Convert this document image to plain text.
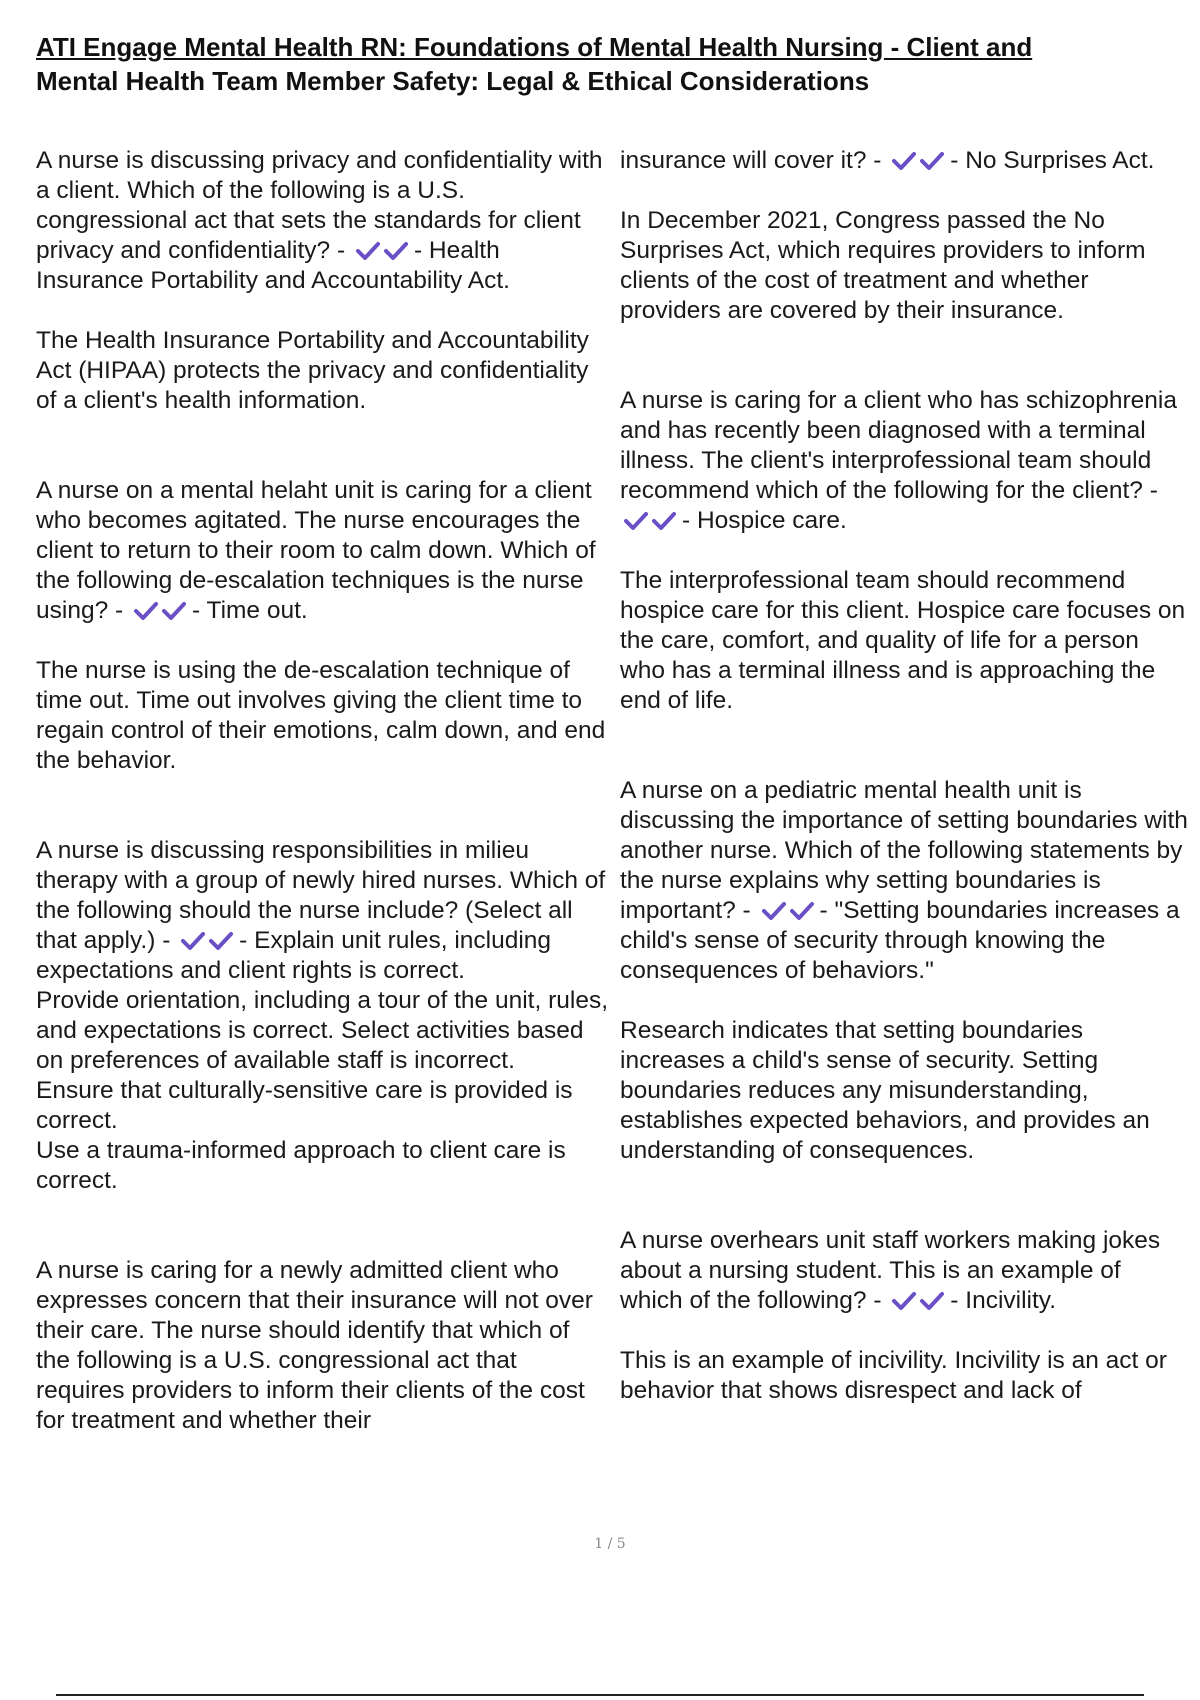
ATI Engage Mental Health RN: Foundations of Mental Health Nursing - Client and
Mental Health Team Member Safety: Legal & Ethical Considerations

A nurse is discussing privacy and confidentiality with a client. Which of the following is a U.S. congressional act that sets the standards for client privacy and confidentiality? -	- Health Insurance Portability and Accountability Act.

The Health Insurance Portability and Accountability Act (HIPAA) protects the privacy and confidentiality of a client's health information.

A nurse on a mental helaht unit is caring for a client who becomes agitated. The nurse encourages the client to return to their room to calm down. Which of the following de-escalation techniques is the nurse using? -	- Time out.

The nurse is using the de-escalation technique of time out. Time out involves giving the client time to regain control of their emotions, calm down, and end the behavior.

A nurse is discussing responsibilities in milieu therapy with a group of newly hired nurses. Which of the following should the nurse include? (Select all that apply.) -	- Explain unit rules, including expectations and client rights is correct.

Provide orientation, including a tour of the unit, rules, and expectations is correct. Select activities based on preferences of available staff is incorrect.

Ensure that culturally-sensitive care is provided is correct.

Use a trauma-informed approach to client care is correct.

A nurse is caring for a newly admitted client who expresses concern that their insurance will not over their care. The nurse should identify that which of the following is a U.S. congressional act that requires providers to inform their clients of the cost for treatment and whether their

insurance will cover it? -	- No Surprises Act.

In December 2021, Congress passed the No Surprises Act, which requires providers to inform clients of the cost of treatment and whether providers are covered by their insurance.

A nurse is caring for a client who has schizophrenia and has recently been diagnosed with a terminal illness. The client's interprofessional team should recommend which of the following for the client? -
- Hospice care.

The interprofessional team should recommend hospice care for this client. Hospice care focuses on the care, comfort, and quality of life for a person who has a terminal illness and is approaching the end of life.

A nurse on a pediatric mental health unit is discussing the importance of setting boundaries with another nurse. Which of the following statements by the nurse explains why setting boundaries is important? -	- "Setting boundaries increases a child's sense of security through knowing the consequences of behaviors."

Research indicates that setting boundaries increases a child's sense of security. Setting boundaries reduces any misunderstanding, establishes expected behaviors, and provides an understanding of consequences.

A nurse overhears unit staff workers making jokes about a nursing student. This is an example of which of the following? -	- Incivility.

This is an example of incivility. Incivility is an act or behavior that shows disrespect and lack of

1 / 5
